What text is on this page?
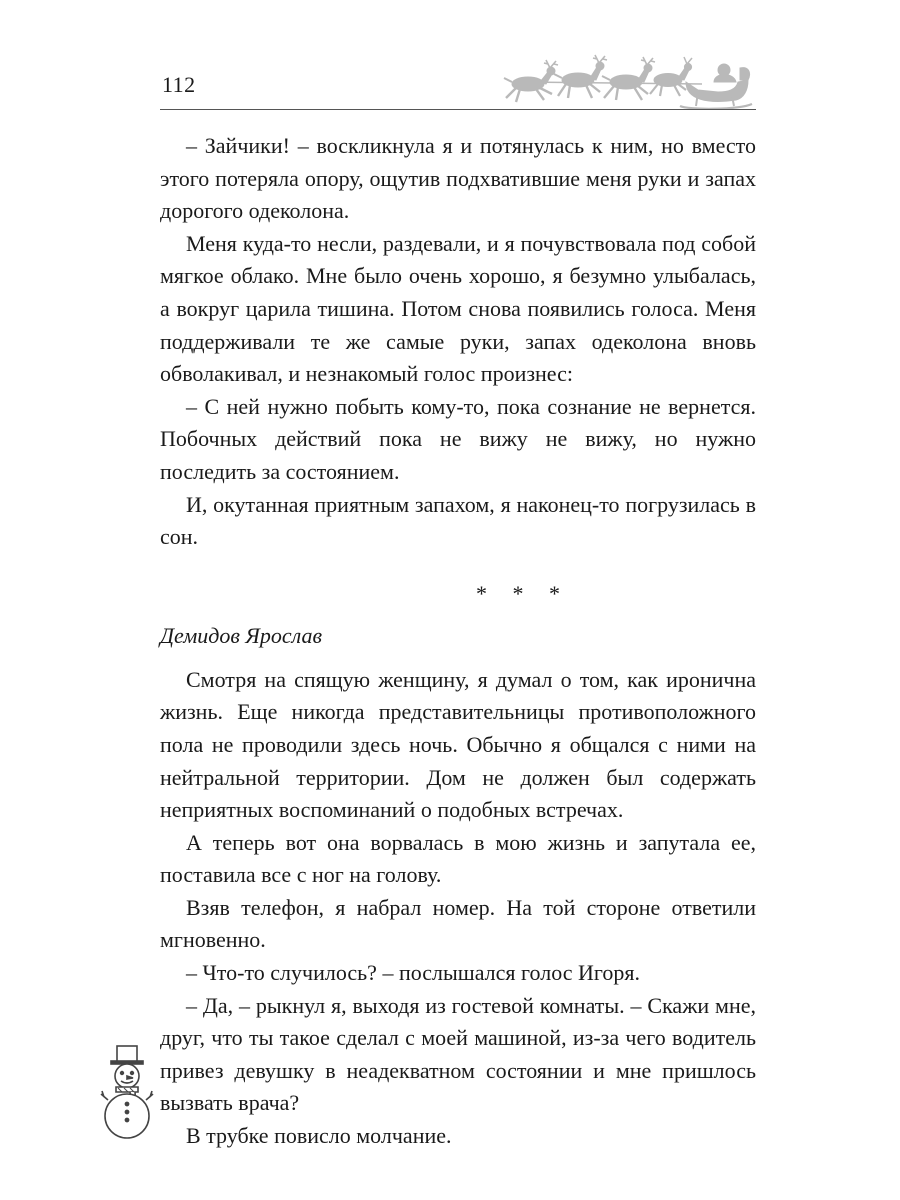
112

– Зайчики! – воскликнула я и потянулась к ним, но вместо этого потеряла опору, ощутив подхватившие меня руки и запах дорогого одеколона.

Меня куда-то несли, раздевали, и я почувствовала под собой мягкое облако. Мне было очень хорошо, я безумно улыбалась, а вокруг царила тишина. Потом снова появились голоса. Меня поддерживали те же самые руки, запах одеколона вновь обволакивал, и незнакомый голос произнес:

– С ней нужно побыть кому-то, пока сознание не вернется. Побочных действий пока не вижу не вижу, но нужно последить за состоянием.

И, окутанная приятным запахом, я наконец-то погрузилась в сон.

* * *
Демидов Ярослав

Смотря на спящую женщину, я думал о том, как иронична жизнь. Еще никогда представительницы противоположного пола не проводили здесь ночь. Обычно я общался с ними на нейтральной территории. Дом не должен был содержать неприятных воспоминаний о подобных встречах.

А теперь вот она ворвалась в мою жизнь и запутала ее, поставила все с ног на голову.

Взяв телефон, я набрал номер. На той стороне ответили мгновенно.

– Что-то случилось? – послышался голос Игоря.

– Да, – рыкнул я, выходя из гостевой комнаты. – Скажи мне, друг, что ты такое сделал с моей машиной, из-за чего водитель привез девушку в неадекватном состоянии и мне пришлось вызвать врача?

В трубке повисло молчание.
